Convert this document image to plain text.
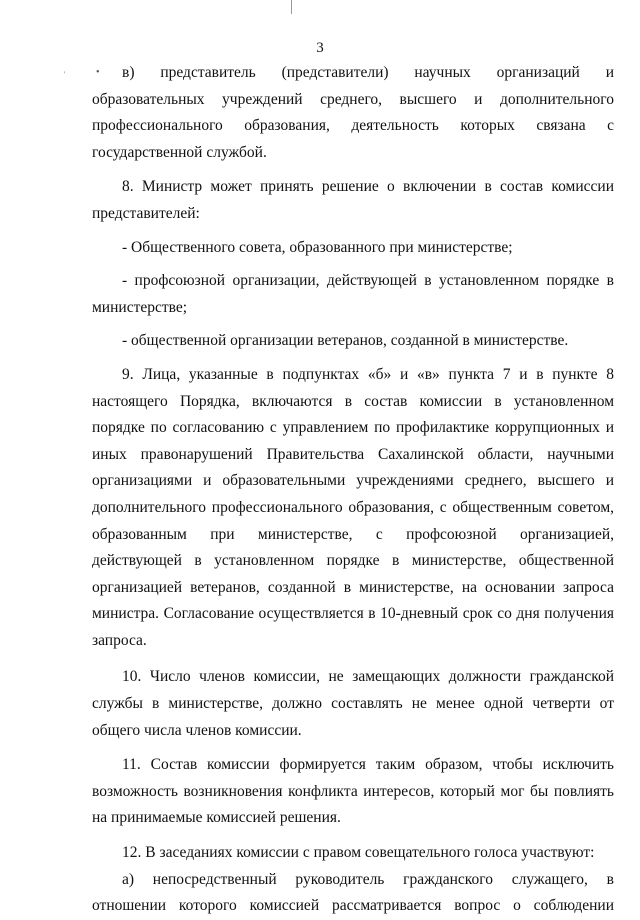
3
•
'	в) представитель (представители) научных организаций и
образовательных учреждений среднего, высшего и дополнительного
профессионального образования, деятельность которых связана с
государственной службой.
8. Министр может принять решение о включении в состав комиссии
представителей:
- Общественного совета, образованного при министерстве;
- профсоюзной организации, действующей в установленном порядке в
министерстве;
- общественной организации ветеранов, созданной в министерстве.
9. Лица, указанные в подпунктах «б» и «в» пункта 7 и в пункте 8
настоящего Порядка, включаются в состав комиссии в установленном
порядке по согласованию с управлением по профилактике коррупционных и
иных правонарушений Правительства Сахалинской области, научными
организациями и образовательными учреждениями среднего, высшего и
дополнительного профессионального образования, с общественным советом,
образованным при министерстве, с профсоюзной организацией,
действующей в установленном порядке в министерстве, общественной
организацией ветеранов, созданной в министерстве, на основании запроса
министра. Согласование осуществляется в 10-дневный срок со дня получения
запроса.
10. Число членов комиссии, не замещающих должности гражданской
службы в министерстве, должно составлять не менее одной четверти от
общего числа членов комиссии.
11. Состав комиссии формируется таким образом, чтобы исключить
возможность возникновения конфликта интересов, который мог бы повлиять
на принимаемые комиссией решения.
12. В заседаниях комиссии с правом совещательного голоса участвуют:
а) непосредственный руководитель гражданского служащего, в
отношении которого комиссией рассматривается вопрос о соблюдении
